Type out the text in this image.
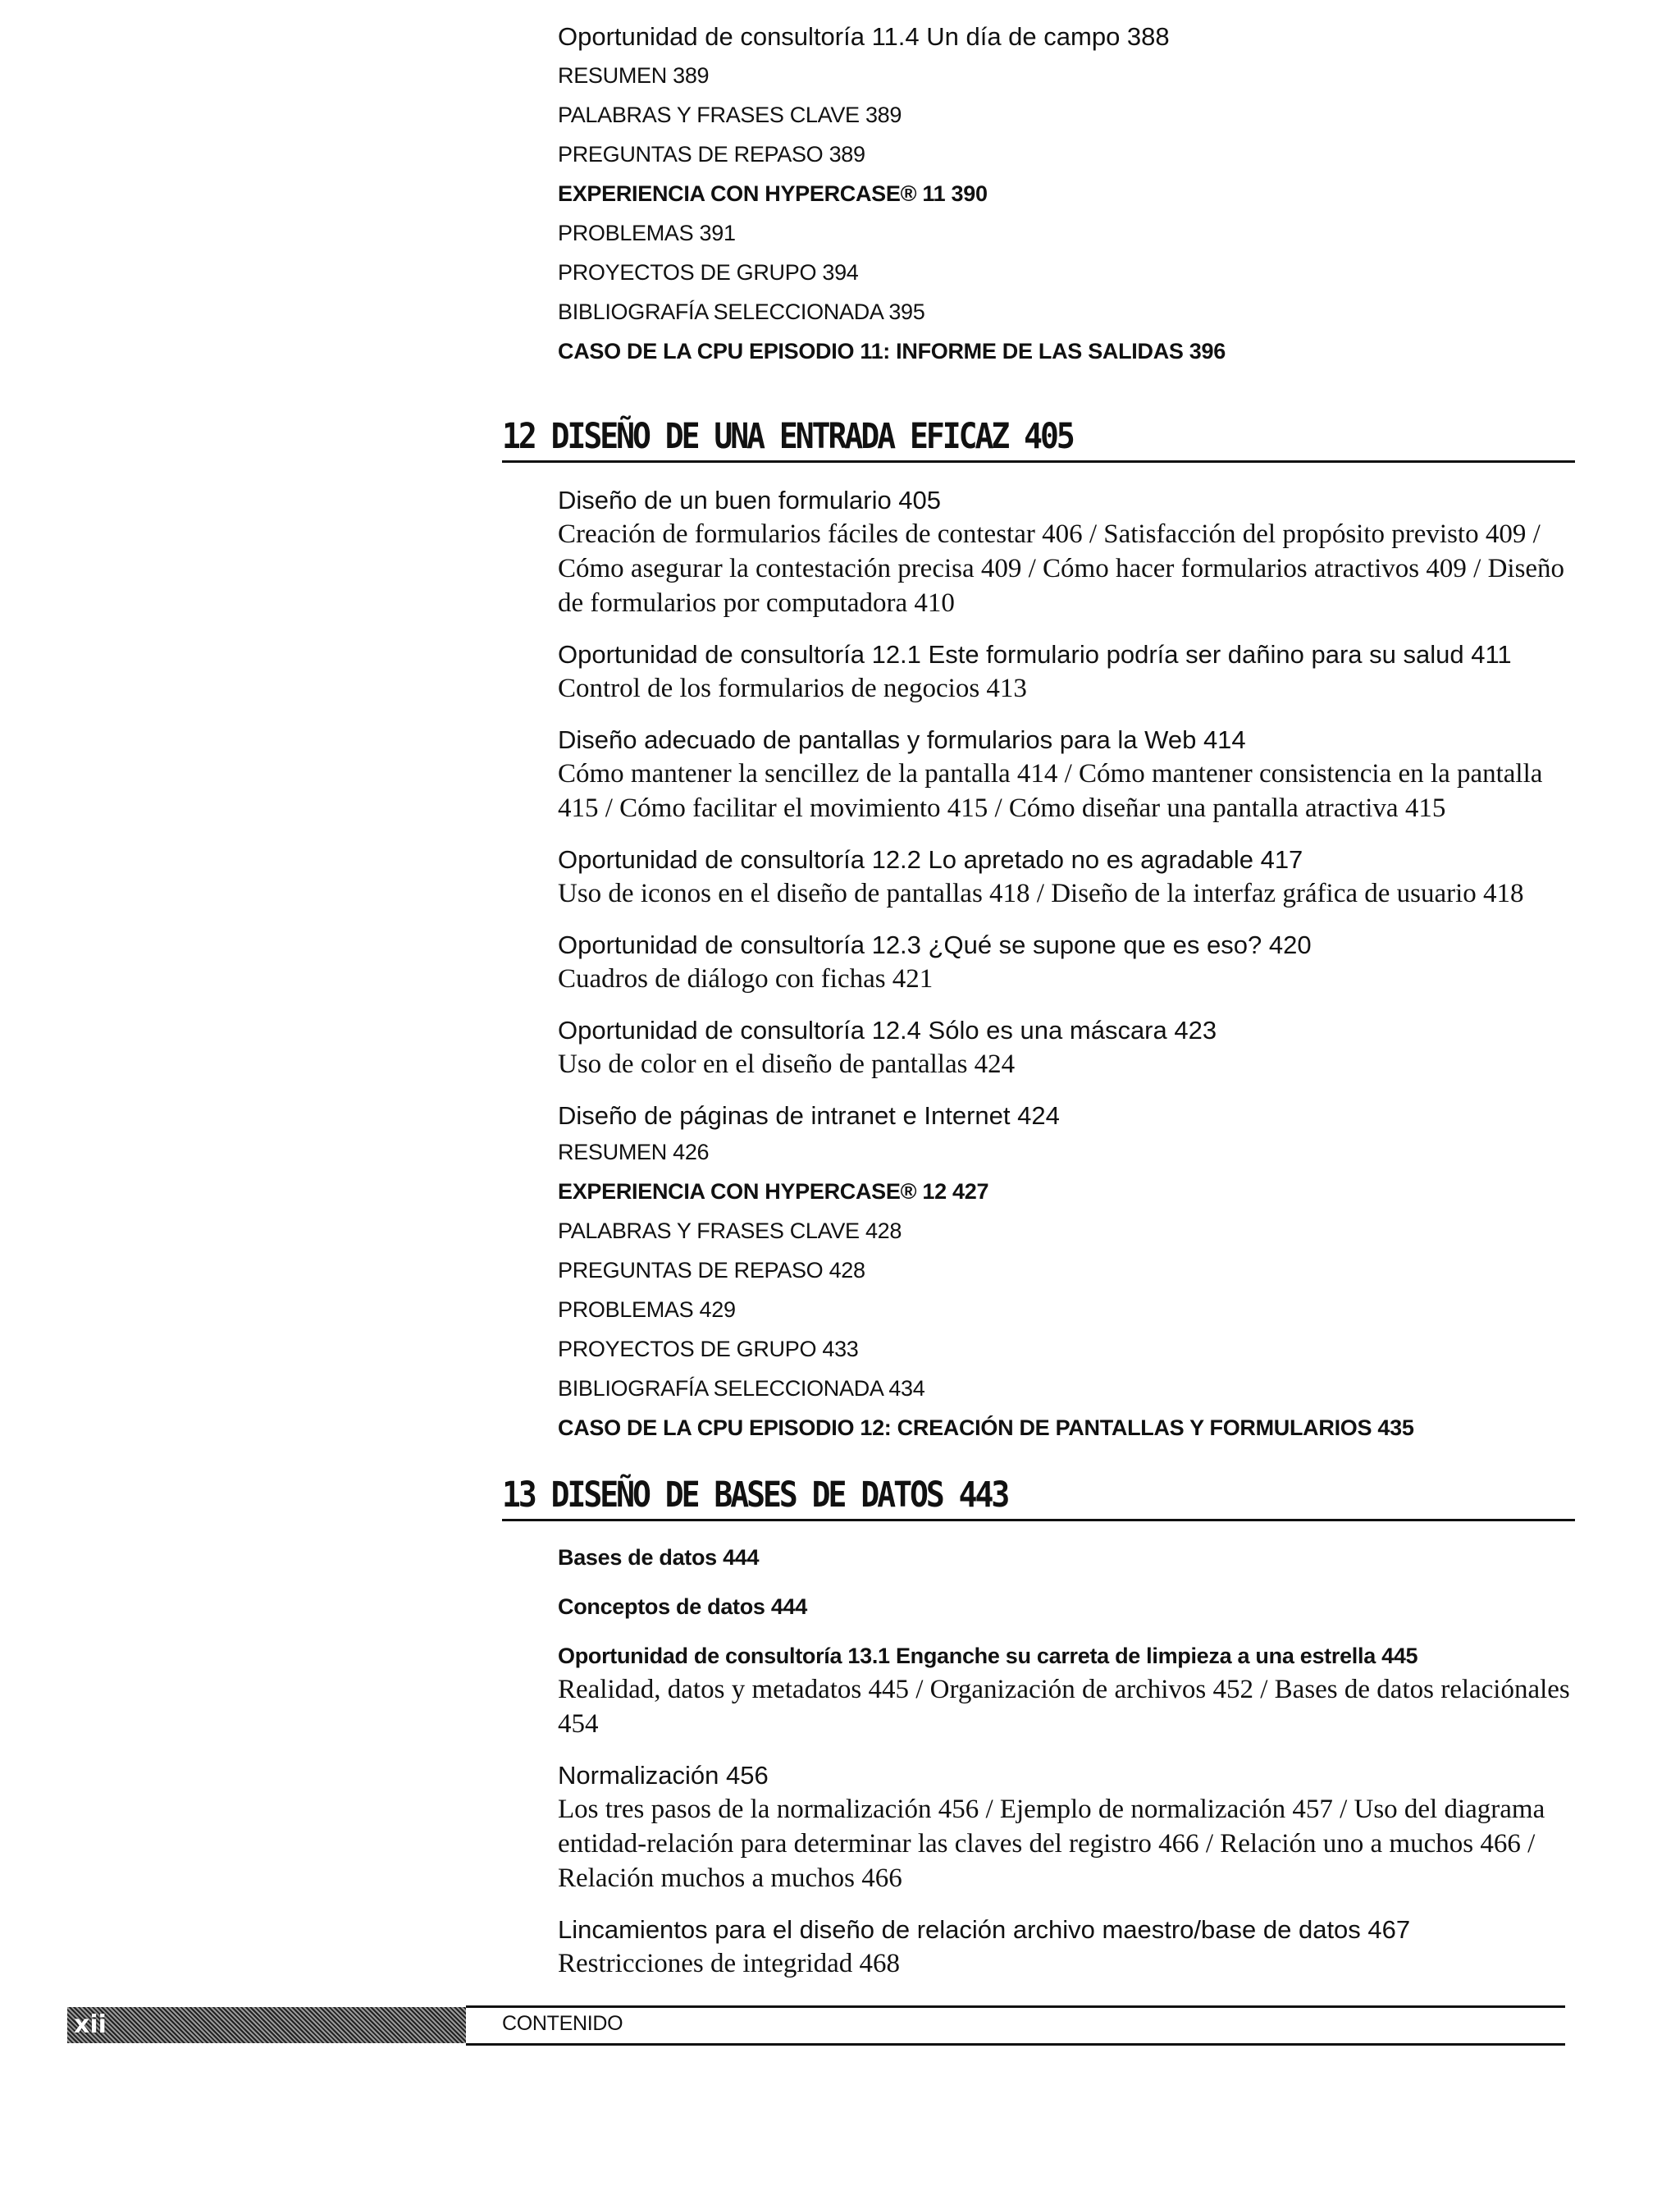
Oportunidad de consultoría 11.4 Un día de campo 388

RESUMEN 389

PALABRAS Y FRASES CLAVE 389

PREGUNTAS DE REPASO 389

EXPERIENCIA CON HYPERCASE® 11 390

PROBLEMAS 391

PROYECTOS DE GRUPO 394

BIBLIOGRAFÍA SELECCIONADA 395

CASO DE LA CPU EPISODIO 11: INFORME DE LAS SALIDAS 396

12 DISEÑO DE UNA ENTRADA EFICAZ 405

Diseño de un buen formulario 405

Creación de formularios fáciles de contestar 406 / Satisfacción del propósito previsto 409 / Cómo asegurar la contestación precisa 409 / Cómo hacer formularios atractivos 409 / Diseño de formularios por computadora 410

Oportunidad de consultoría 12.1 Este formulario podría ser dañino para su salud 411

Control de los formularios de negocios 413

Diseño adecuado de pantallas y formularios para la Web 414

Cómo mantener la sencillez de la pantalla 414 / Cómo mantener consistencia en la pantalla 415 / Cómo facilitar el movimiento 415 / Cómo diseñar una pantalla atractiva 415

Oportunidad de consultoría 12.2 Lo apretado no es agradable 417

Uso de iconos en el diseño de pantallas 418 / Diseño de la interfaz gráfica de usuario 418

Oportunidad de consultoría 12.3 ¿Qué se supone que es eso? 420

Cuadros de diálogo con fichas 421

Oportunidad de consultoría 12.4 Sólo es una máscara 423

Uso de color en el diseño de pantallas 424

Diseño de páginas de intranet e Internet 424

RESUMEN 426

EXPERIENCIA CON HYPERCASE® 12 427

PALABRAS Y FRASES CLAVE 428

PREGUNTAS DE REPASO 428

PROBLEMAS 429

PROYECTOS DE GRUPO 433

BIBLIOGRAFÍA SELECCIONADA 434

CASO DE LA CPU EPISODIO 12: CREACIÓN DE PANTALLAS Y FORMULARIOS 435

13 DISEÑO DE BASES DE DATOS 443

Bases de datos 444

Conceptos de datos 444

Oportunidad de consultoría 13.1 Enganche su carreta de limpieza a una estrella 445

Realidad, datos y metadatos 445 / Organización de archivos 452 / Bases de datos relaciónales 454

Normalización 456

Los tres pasos de la normalización 456 / Ejemplo de normalización 457 / Uso del diagrama entidad-relación para determinar las claves del registro 466 / Relación uno a muchos 466 / Relación muchos a muchos 466

Lincamientos para el diseño de relación archivo maestro/base de datos 467

Restricciones de integridad 468

xii	CONTENIDO
